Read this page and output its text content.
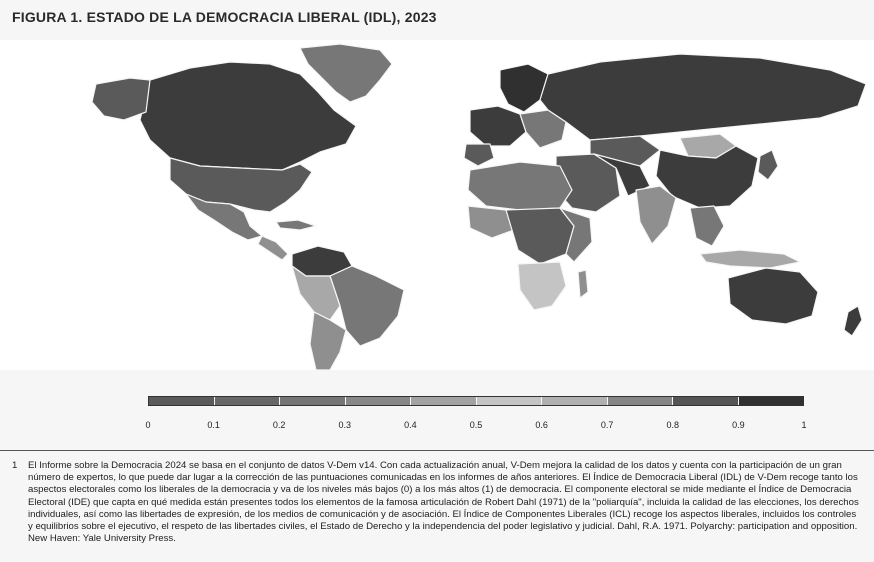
FIGURA 1. ESTADO DE LA DEMOCRACIA LIBERAL (IDL), 2023
0	0.1	0.2	0.3	0.4	0.5	0.6	0.7	0.8	0.9	1
1	El Informe sobre la Democracia 2024 se basa en el conjunto de datos V-Dem v14. Con cada actualización anual, V-Dem mejora la calidad de los datos y cuenta con la participación de un gran número de expertos, lo que puede dar lugar a la corrección de las puntuaciones comunicadas en los informes de años anteriores. El Índice de Democracia Liberal (IDL) de V-Dem recoge tanto los aspectos electorales como los liberales de la democracia y va de los niveles más bajos (0) a los más altos (1) de democracia. El componente electoral se mide mediante el Índice de Democracia Electoral (IDE) que capta en qué medida están presentes todos los elementos de la famosa articulación de Robert Dahl (1971) de la "poliarquía", incluida la calidad de las elecciones, los derechos individuales, así como las libertades de expresión, de los medios de comunicación y de asociación. El Índice de Componentes Liberales (ICL) recoge los aspectos liberales, incluidos los controles y equilibrios sobre el ejecutivo, el respeto de las libertades civiles, el Estado de Derecho y la independencia del poder legislativo y judicial. Dahl, R.A. 1971. Polyarchy: participation and opposition. New Haven: Yale University Press.
